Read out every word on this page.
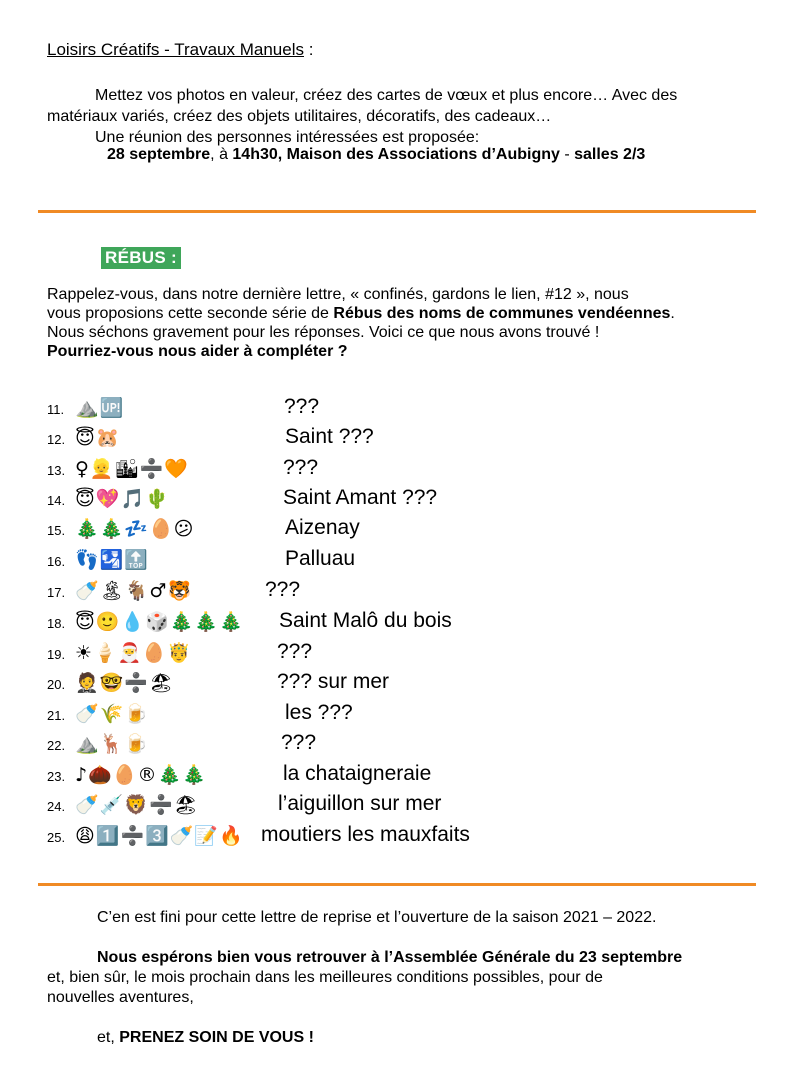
Loisirs Créatifs - Travaux Manuels :
Mettez vos photos en valeur, créez des cartes de vœux et plus encore… Avec des
matériaux variés, créez des objets utilitaires, décoratifs, des cadeaux…
Une réunion des personnes intéressées est proposée:
28 septembre, à 14h30, Maison des Associations d’Aubigny - salles 2/3
RÉBUS :
Rappelez-vous, dans notre dernière lettre, « confinés, gardons le lien, #12 », nous
vous proposions cette seconde série de Rébus des noms de communes vendéennes.
Nous séchons gravement pour les réponses. Voici ce que nous avons trouvé !
Pourriez-vous nous aider à compléter ?
11. ⛰️🆙	???
12. 😇🐹	Saint ???
13. ♀👱🏙➗🧡	???
14. 😇💖🎵🌵	Saint Amant ???
15. 🎄🎄💤🥚😕	Aizenay
16. 👣🛂🔝	Palluau
17. 🍼🏝🐐♂🐯	???
18. 😇🙂💧🎲🎄🎄🎄 Saint Malô du bois
19. ☀🍦🎅🥚🤴	???
20. 🤵🤓➗🏖	??? sur mer
21. 🍼🌾🍺	les ???
22. ⛰️🦌🍺	???
23. ♪🌰🥚®🎄🎄	la chataigneraie
24. 🍼💉🦁➗🏖	l’aiguillon sur mer
25. 😩1️⃣➗3️⃣🍼📝🔥 moutiers les mauxfaits
C’en est fini pour cette lettre de reprise et l’ouverture de la saison 2021 – 2022.
Nous espérons bien vous retrouver à l’Assemblée Générale du 23 septembre
et, bien sûr, le mois prochain dans les meilleures conditions possibles, pour de
nouvelles aventures,
et, PRENEZ SOIN DE VOUS !
